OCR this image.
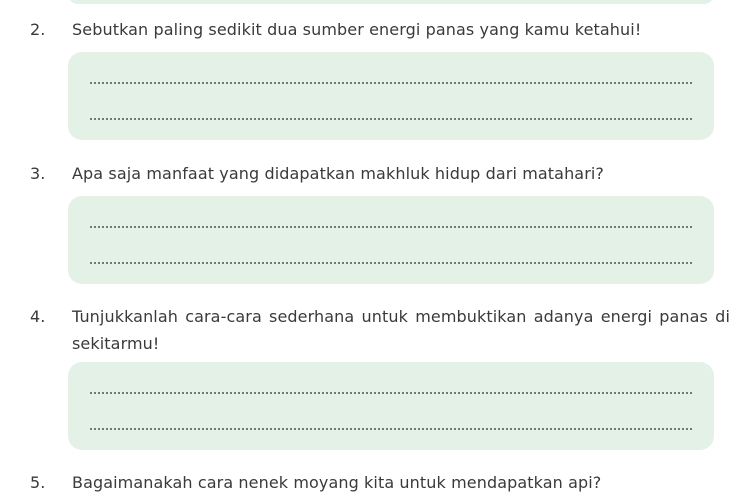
2. Sebutkan paling sedikit dua sumber energi panas yang kamu ketahui!
3. Apa saja manfaat yang didapatkan makhluk hidup dari matahari?
4. Tunjukkanlah cara-cara sederhana untuk membuktikan adanya energi panas di sekitarmu!
5. Bagaimanakah cara nenek moyang kita untuk mendapatkan api?
